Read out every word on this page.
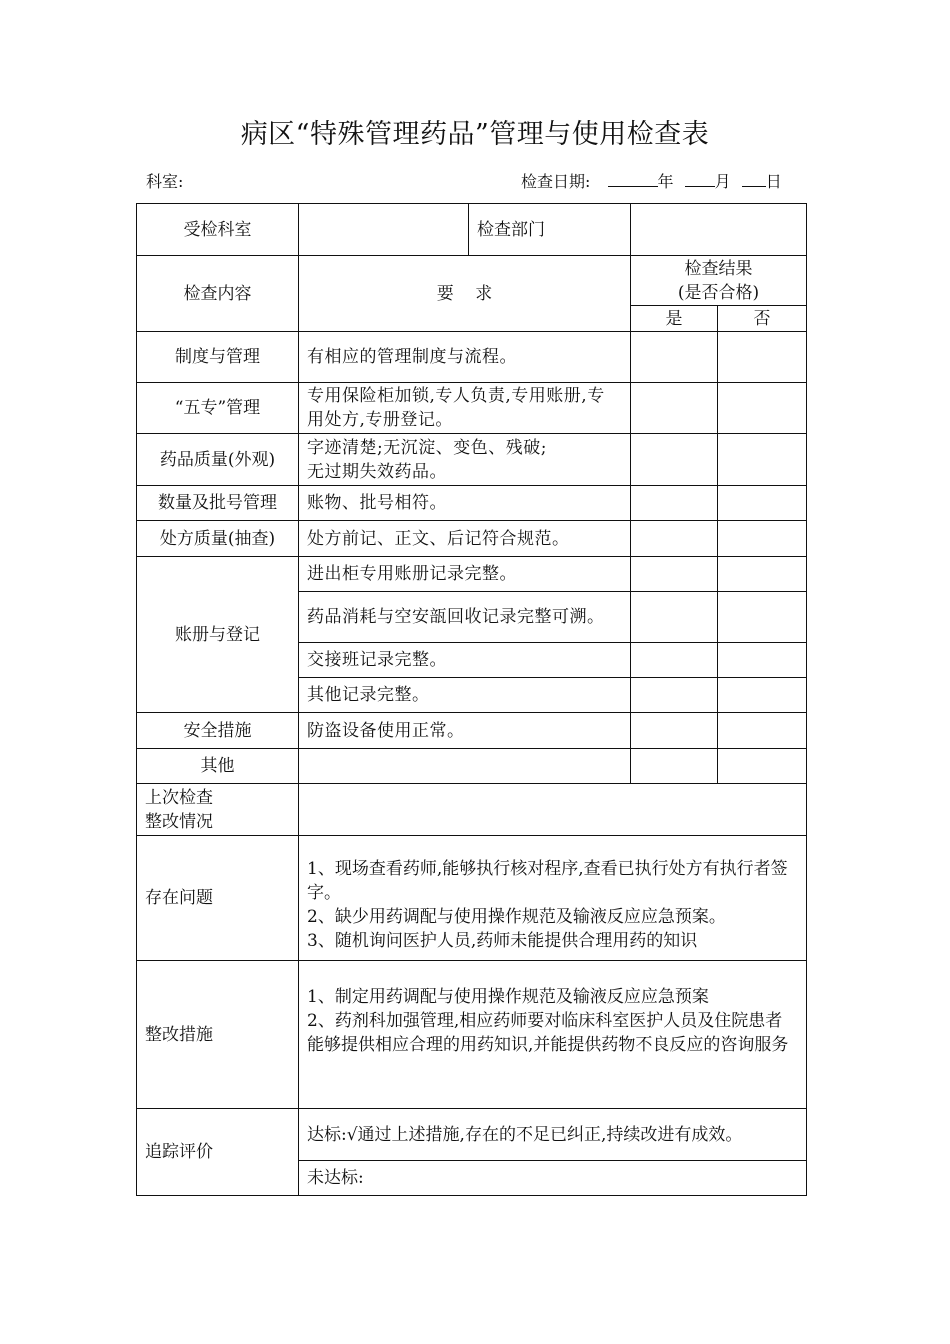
病区“特殊管理药品”管理与使用检查表
科室:	检查日期:	年	月 日
受检科室		检查部门		
检查内容	要    求		检查结果
(是否合格)	
			是	否
制度与管理	有相应的管理制度与流程。			
“五专”管理	专用保险柜加锁,专人负责,专用账册,专用处方,专册登记。			
药品质量(外观)	字迹清楚;无沉淀、变色、残破;
无过期失效药品。			
数量及批号管理	账物、批号相符。			
处方质量(抽查)	处方前记、正文、后记符合规范。			
账册与登记	进出柜专用账册记录完整。			
	药品消耗与空安瓿回收记录完整可溯。			
	交接班记录完整。			
	其他记录完整。			
安全措施	防盗设备使用正常。			
其他				
上次检查
整改情况				
存在问题	1、现场查看药师,能够执行核对程序,查看已执行处方有执行者签字。
2、缺少用药调配与使用操作规范及输液反应应急预案。
3、随机询问医护人员,药师未能提供合理用药的知识			
整改措施	1、制定用药调配与使用操作规范及输液反应应急预案
2、药剂科加强管理,相应药师要对临床科室医护人员及住院患者能够提供相应合理的用药知识,并能提供药物不良反应的咨询服务			
追踪评价	达标:√通过上述措施,存在的不足已纠正,持续改进有成效。			
	未达标:			
